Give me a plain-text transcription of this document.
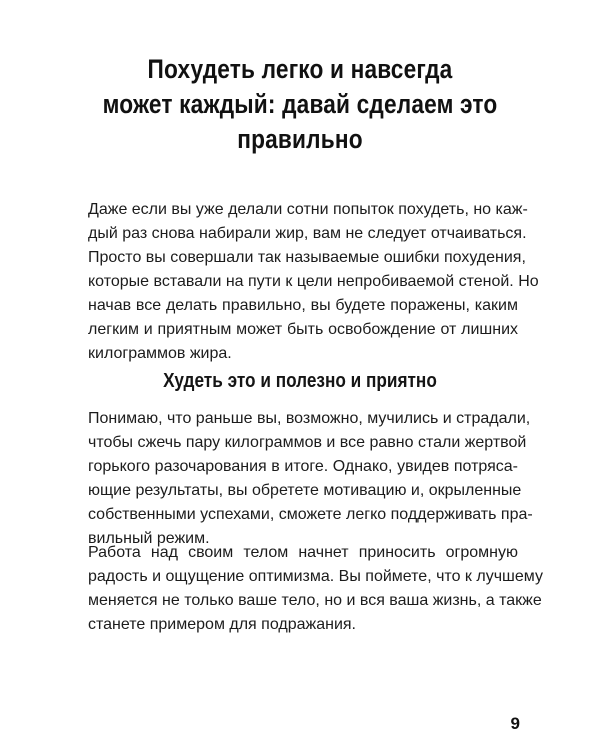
Похудеть легко и навсегда
может каждый: давай сделаем это
правильно

Даже если вы уже делали сотни попыток похудеть, но каж-
дый раз снова набирали жир, вам не следует отчаиваться.
Просто вы совершали так называемые ошибки похудения,
которые вставали на пути к цели непробиваемой стеной. Но
начав все делать правильно, вы будете поражены, каким
легким и приятным может быть освобождение от лишних
килограммов жира.

Худеть это и полезно и приятно

Понимаю, что раньше вы, возможно, мучились и страдали,
чтобы сжечь пару килограммов и все равно стали жертвой
горького разочарования в итоге. Однако, увидев потряса-
ющие результаты, вы обретете мотивацию и, окрыленные
собственными успехами, сможете легко поддерживать пра-
вильный режим.

Работа над своим телом начнет приносить огромную
радость и ощущение оптимизма. Вы поймете, что к лучшему
меняется не только ваше тело, но и вся ваша жизнь, а также
станете примером для подражания.

9
